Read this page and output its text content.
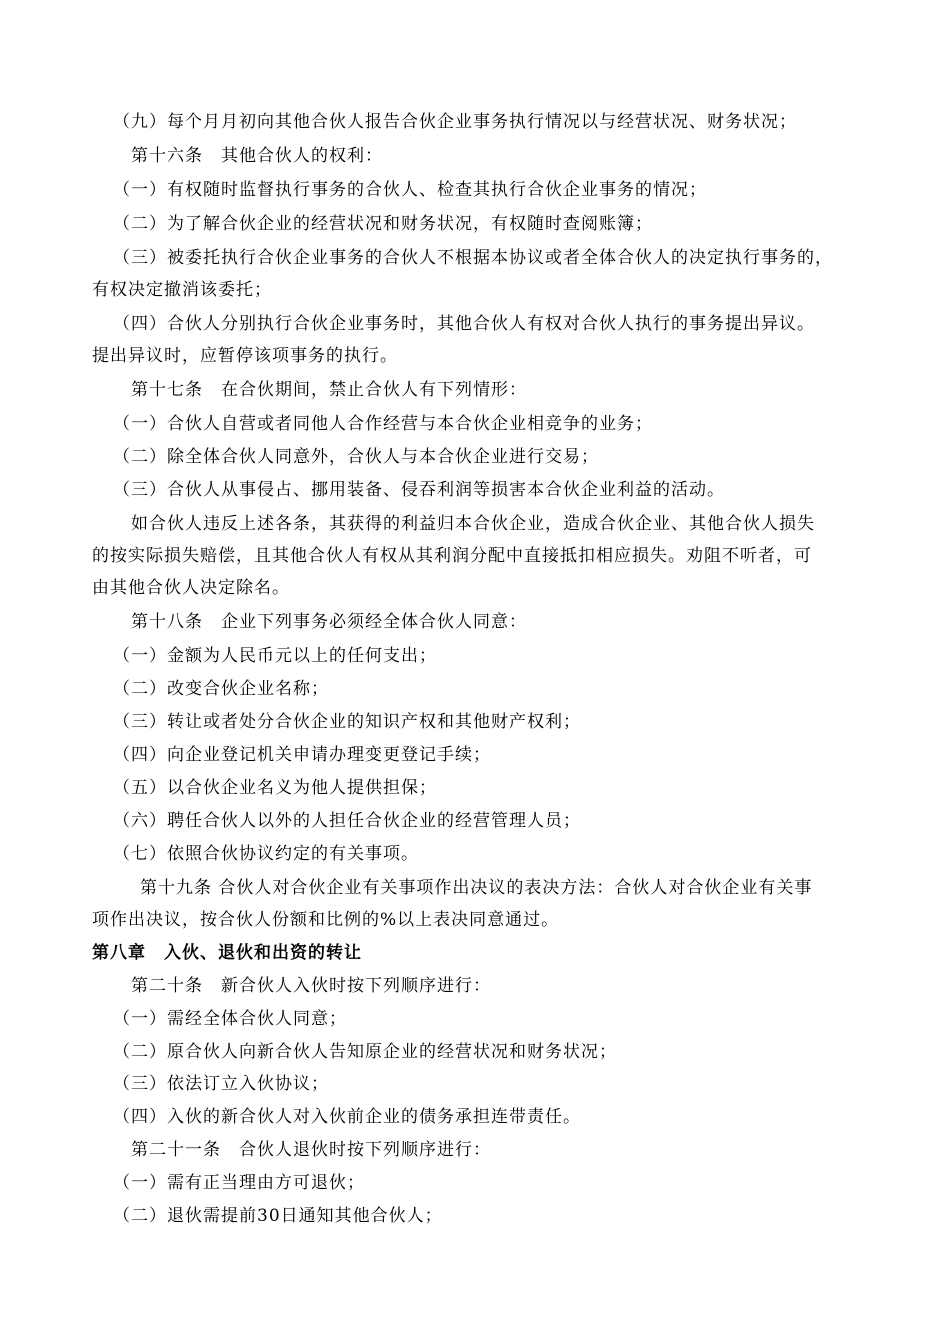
（九）每个月月初向其他合伙人报告合伙企业事务执行情况以与经营状况、财务状况；
第十六条　其他合伙人的权利：
（一）有权随时监督执行事务的合伙人、检查其执行合伙企业事务的情况；
（二）为了解合伙企业的经营状况和财务状况，有权随时查阅账簿；
（三）被委托执行合伙企业事务的合伙人不根据本协议或者全体合伙人的决定执行事务的，
有权决定撤消该委托；
（四）合伙人分别执行合伙企业事务时，其他合伙人有权对合伙人执行的事务提出异议。
提出异议时，应暂停该项事务的执行。
第十七条　在合伙期间，禁止合伙人有下列情形：
（一）合伙人自营或者同他人合作经营与本合伙企业相竞争的业务；
（二）除全体合伙人同意外，合伙人与本合伙企业进行交易；
（三）合伙人从事侵占、挪用装备、侵吞利润等损害本合伙企业利益的活动。
如合伙人违反上述各条，其获得的利益归本合伙企业，造成合伙企业、其他合伙人损失
的按实际损失赔偿，且其他合伙人有权从其利润分配中直接抵扣相应损失。劝阻不听者，可
由其他合伙人决定除名。
第十八条　企业下列事务必须经全体合伙人同意：
（一）金额为人民币元以上的任何支出；
（二）改变合伙企业名称；
（三）转让或者处分合伙企业的知识产权和其他财产权利；
（四）向企业登记机关申请办理变更登记手续；
（五）以合伙企业名义为他人提供担保；
（六）聘任合伙人以外的人担任合伙企业的经营管理人员；
（七）依照合伙协议约定的有关事项。
第十九条 合伙人对合伙企业有关事项作出决议的表决方法：合伙人对合伙企业有关事
项作出决议，按合伙人份额和比例的%以上表决同意通过。
第八章　入伙、退伙和出资的转让
第二十条　新合伙人入伙时按下列顺序进行：
（一）需经全体合伙人同意；
（二）原合伙人向新合伙人告知原企业的经营状况和财务状况；
（三）依法订立入伙协议；
（四）入伙的新合伙人对入伙前企业的债务承担连带责任。
第二十一条　合伙人退伙时按下列顺序进行：
（一）需有正当理由方可退伙；
（二）退伙需提前30日通知其他合伙人；
